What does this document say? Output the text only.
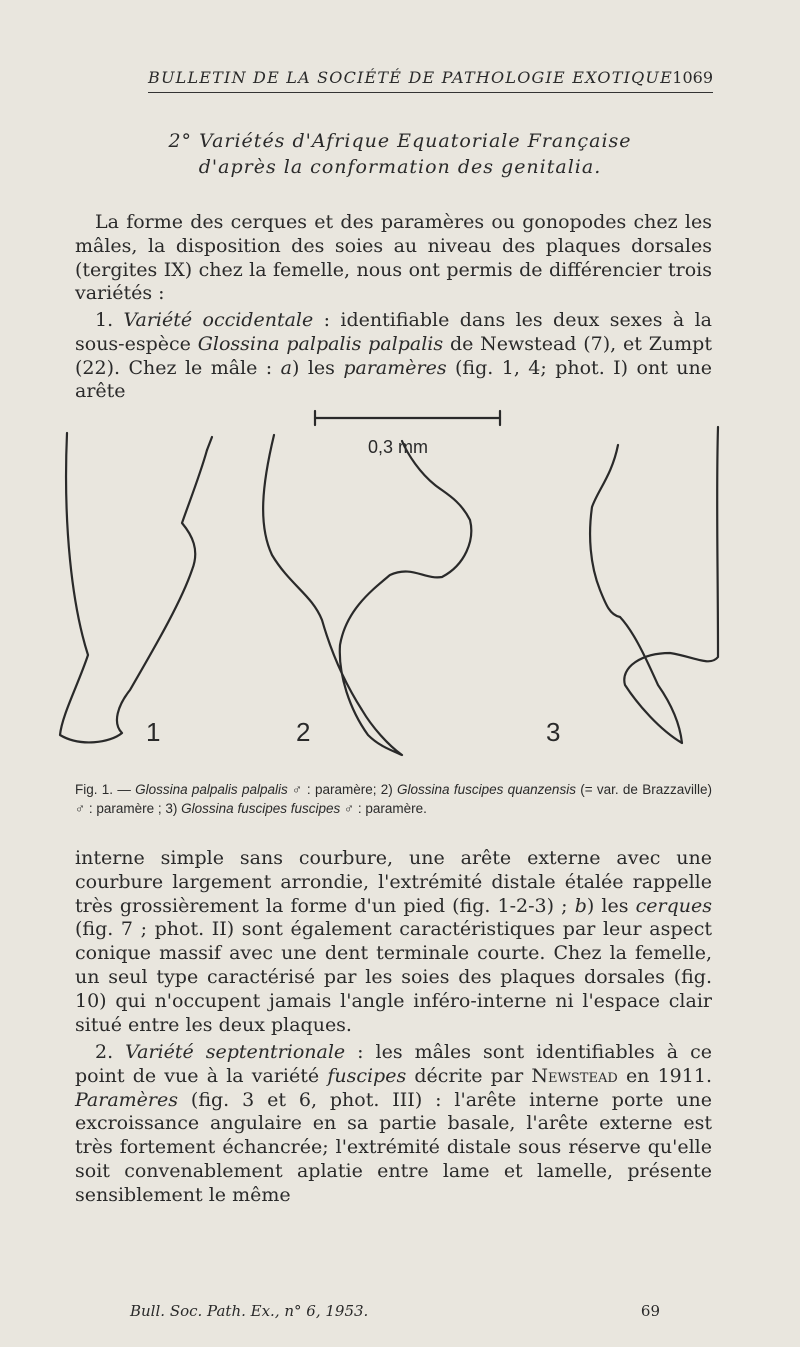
BULLETIN DE LA SOCIÉTÉ DE PATHOLOGIE EXOTIQUE 1069
2° Variétés d'Afrique Equatoriale Française
d'après la conformation des genitalia.

La forme des cerques et des paramères ou gonopodes chez les mâles, la disposition des soies au niveau des plaques dorsales (tergites IX) chez la femelle, nous ont permis de différencier trois variétés :

1. Variété occidentale : identifiable dans les deux sexes à la sous-espèce Glossina palpalis palpalis de Newstead (7), et Zumpt (22). Chez le mâle : a) les paramères (fig. 1, 4; phot. I) ont une arête

0,3 mm
1	2	3

Fig. 1. — Glossina palpalis palpalis ♂ : paramère; 2) Glossina fuscipes quanzensis (= var. de Brazzaville) ♂ : paramère ; 3) Glossina fuscipes fuscipes ♂ : paramère.

interne simple sans courbure, une arête externe avec une courbure largement arrondie, l'extrémité distale étalée rappelle très grossièrement la forme d'un pied (fig. 1-2-3) ; b) les cerques (fig. 7 ; phot. II) sont également caractéristiques par leur aspect conique massif avec une dent terminale courte. Chez la femelle, un seul type caractérisé par les soies des plaques dorsales (fig. 10) qui n'occupent jamais l'angle inféro-interne ni l'espace clair situé entre les deux plaques.

2. Variété septentrionale : les mâles sont identifiables à ce point de vue à la variété fuscipes décrite par Newstead en 1911. Paramères (fig. 3 et 6, phot. III) : l'arête interne porte une excroissance angulaire en sa partie basale, l'arête externe est très fortement échancrée; l'extrémité distale sous réserve qu'elle soit convenablement aplatie entre lame et lamelle, présente sensiblement le même

Bull. Soc. Path. Ex., n° 6, 1953.	69
